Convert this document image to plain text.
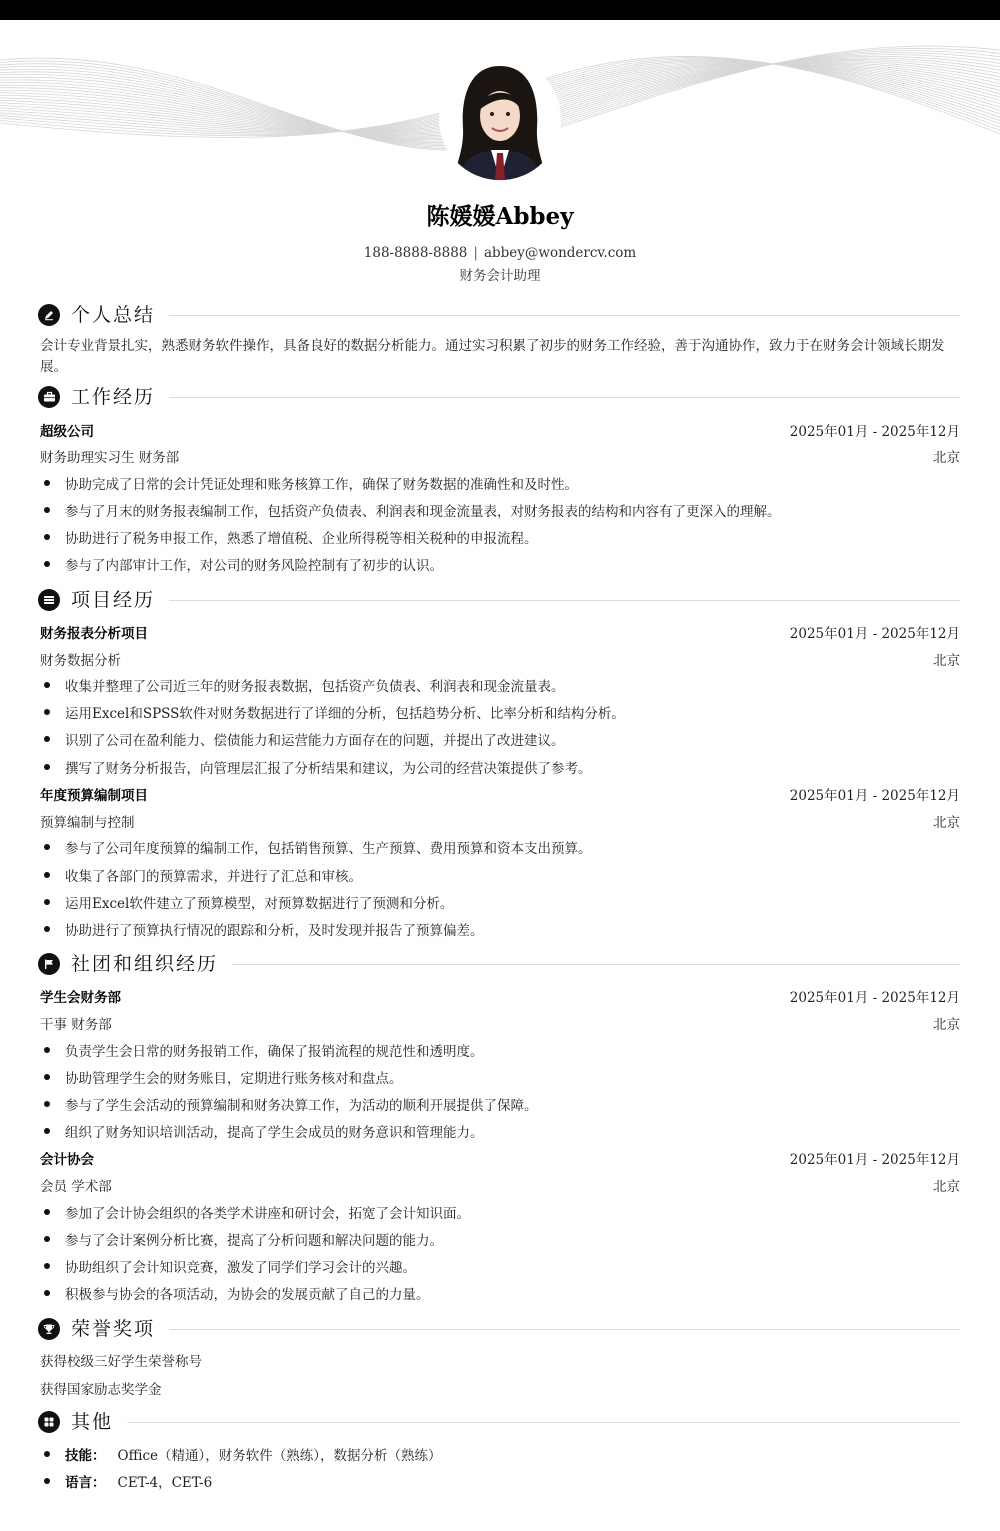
陈媛媛Abbey
188-8888-8888 | abbey@wondercv.com
财务会计助理
个人总结
会计专业背景扎实，熟悉财务软件操作，具备良好的数据分析能力。通过实习积累了初步的财务工作经验，善于沟通协作，致力于在财务会计领域长期发展。
工作经历
超级公司	2025年01月 - 2025年12月
财务助理实习生 财务部	北京
协助完成了日常的会计凭证处理和账务核算工作，确保了财务数据的准确性和及时性。
参与了月末的财务报表编制工作，包括资产负债表、利润表和现金流量表，对财务报表的结构和内容有了更深入的理解。
协助进行了税务申报工作，熟悉了增值税、企业所得税等相关税种的申报流程。
参与了内部审计工作，对公司的财务风险控制有了初步的认识。
项目经历
财务报表分析项目	2025年01月 - 2025年12月
财务数据分析	北京
收集并整理了公司近三年的财务报表数据，包括资产负债表、利润表和现金流量表。
运用Excel和SPSS软件对财务数据进行了详细的分析，包括趋势分析、比率分析和结构分析。
识别了公司在盈利能力、偿债能力和运营能力方面存在的问题，并提出了改进建议。
撰写了财务分析报告，向管理层汇报了分析结果和建议，为公司的经营决策提供了参考。
年度预算编制项目	2025年01月 - 2025年12月
预算编制与控制	北京
参与了公司年度预算的编制工作，包括销售预算、生产预算、费用预算和资本支出预算。
收集了各部门的预算需求，并进行了汇总和审核。
运用Excel软件建立了预算模型，对预算数据进行了预测和分析。
协助进行了预算执行情况的跟踪和分析，及时发现并报告了预算偏差。
社团和组织经历
学生会财务部	2025年01月 - 2025年12月
干事 财务部	北京
负责学生会日常的财务报销工作，确保了报销流程的规范性和透明度。
协助管理学生会的财务账目，定期进行账务核对和盘点。
参与了学生会活动的预算编制和财务决算工作，为活动的顺利开展提供了保障。
组织了财务知识培训活动，提高了学生会成员的财务意识和管理能力。
会计协会	2025年01月 - 2025年12月
会员 学术部	北京
参加了会计协会组织的各类学术讲座和研讨会，拓宽了会计知识面。
参与了会计案例分析比赛，提高了分析问题和解决问题的能力。
协助组织了会计知识竞赛，激发了同学们学习会计的兴趣。
积极参与协会的各项活动，为协会的发展贡献了自己的力量。
荣誉奖项
获得校级三好学生荣誉称号
获得国家励志奖学金
其他
技能： Office（精通），财务软件（熟练），数据分析（熟练）
语言： CET-4，CET-6
